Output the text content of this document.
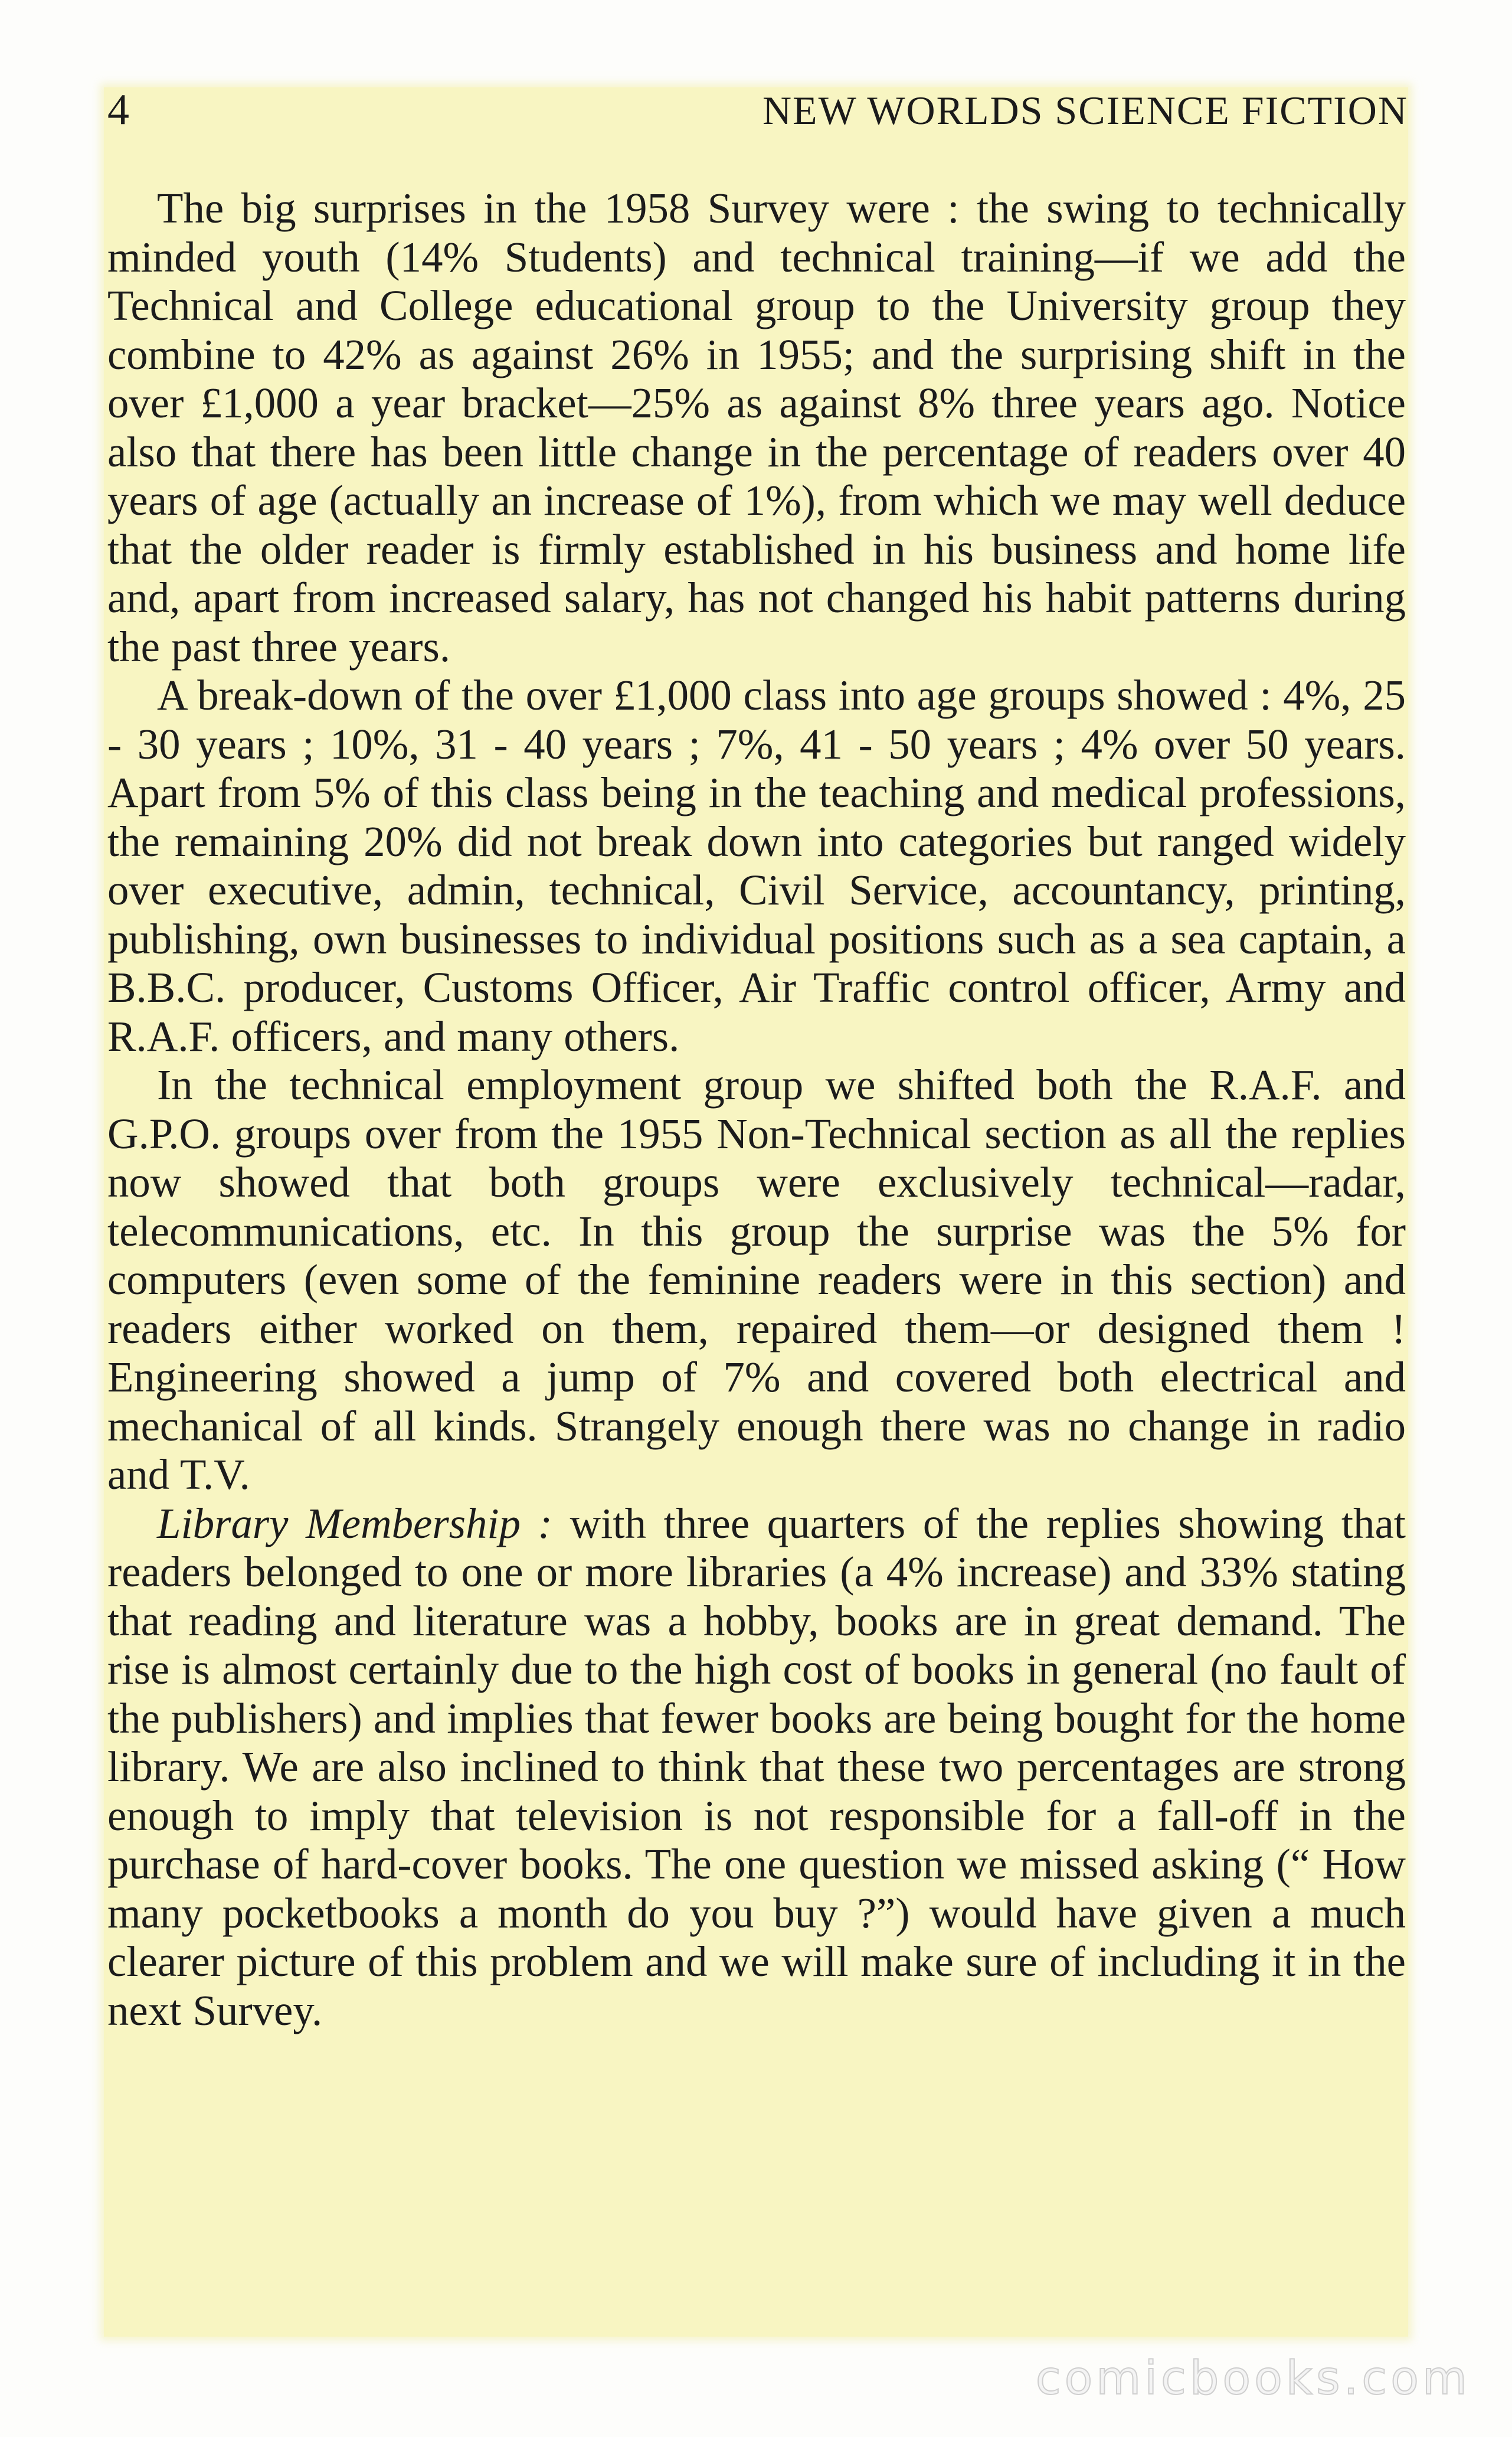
4	NEW WORLDS SCIENCE FICTION

The big surprises in the 1958 Survey were : the swing to technically minded youth (14% Students) and technical training—if we add the Technical and College educational group to the University group they combine to 42% as against 26% in 1955; and the surprising shift in the over £1,000 a year bracket—25% as against 8% three years ago. Notice also that there has been little change in the percentage of readers over 40 years of age (actually an increase of 1%), from which we may well deduce that the older reader is firmly established in his business and home life and, apart from increased salary, has not changed his habit patterns during the past three years.

A break-down of the over £1,000 class into age groups showed : 4%, 25 - 30 years ; 10%, 31 - 40 years ; 7%, 41 - 50 years ; 4% over 50 years. Apart from 5% of this class being in the teaching and medical professions, the remaining 20% did not break down into categories but ranged widely over executive, admin, technical, Civil Service, accountancy, printing, publishing, own businesses to individual positions such as a sea captain, a B.B.C. producer, Customs Officer, Air Traffic control officer, Army and R.A.F. officers, and many others.

In the technical employment group we shifted both the R.A.F. and G.P.O. groups over from the 1955 Non-Technical section as all the replies now showed that both groups were exclusively technical—radar, telecommunications, etc. In this group the surprise was the 5% for computers (even some of the feminine readers were in this section) and readers either worked on them, repaired them—or designed them ! Engineering showed a jump of 7% and covered both electrical and mechanical of all kinds. Strangely enough there was no change in radio and T.V.

Library Membership : with three quarters of the replies showing that readers belonged to one or more libraries (a 4% increase) and 33% stating that reading and literature was a hobby, books are in great demand. The rise is almost certainly due to the high cost of books in general (no fault of the publishers) and implies that fewer books are being bought for the home library. We are also inclined to think that these two percentages are strong enough to imply that television is not responsible for a fall-off in the purchase of hard-cover books. The one question we missed asking (“ How many pocketbooks a month do you buy ?”) would have given a much clearer picture of this problem and we will make sure of including it in the next Survey.

comicbooks.com
